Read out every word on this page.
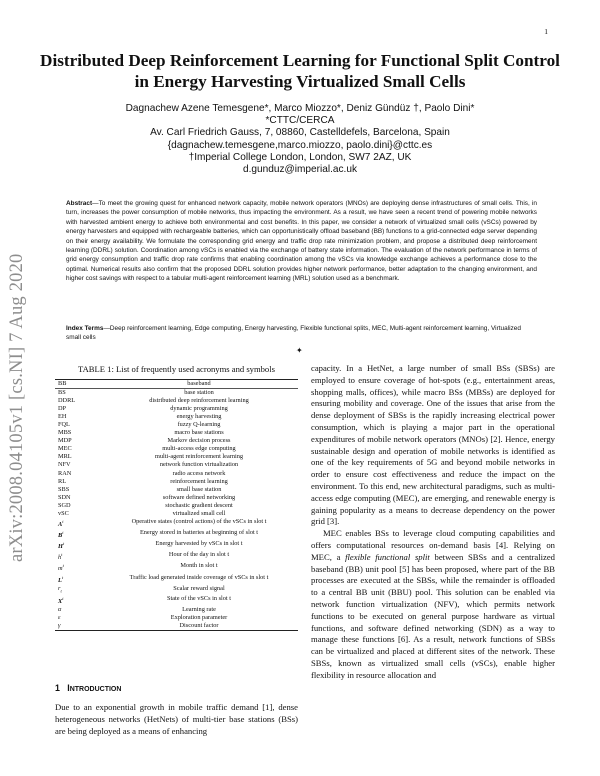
1
arXiv:2008.04105v1 [cs.NI] 7 Aug 2020
Distributed Deep Reinforcement Learning for Functional Split Control in Energy Harvesting Virtualized Small Cells
Dagnachew Azene Temesgene*, Marco Miozzo*, Deniz Gündüz †, Paolo Dini*
*CTTC/CERCA
Av. Carl Friedrich Gauss, 7, 08860, Castelldefels, Barcelona, Spain
{dagnachew.temesgene,marco.miozzo, paolo.dini}@cttc.es
†Imperial College London, London, SW7 2AZ, UK
d.gunduz@imperial.ac.uk
Abstract—To meet the growing quest for enhanced network capacity, mobile network operators (MNOs) are deploying dense infrastructures of small cells. This, in turn, increases the power consumption of mobile networks, thus impacting the environment. As a result, we have seen a recent trend of powering mobile networks with harvested ambient energy to achieve both environmental and cost benefits. In this paper, we consider a network of virtualized small cells (vSCs) powered by energy harvesters and equipped with rechargeable batteries, which can opportunistically offload baseband (BB) functions to a grid-connected edge server depending on their energy availability. We formulate the corresponding grid energy and traffic drop rate minimization problem, and propose a distributed deep reinforcement learning (DDRL) solution. Coordination among vSCs is enabled via the exchange of battery state information. The evaluation of the network performance in terms of grid energy consumption and traffic drop rate confirms that enabling coordination among the vSCs via knowledge exchange achieves a performance close to the optimal. Numerical results also confirm that the proposed DDRL solution provides higher network performance, better adaptation to the changing environment, and higher cost savings with respect to a tabular multi-agent reinforcement learning (MRL) solution used as a benchmark.
Index Terms—Deep reinforcement learning, Edge computing, Energy harvesting, Flexible functional splits, MEC, Multi-agent reinforcement learning, Virtualized small cells
✦
TABLE 1: List of frequently used acronyms and symbols
BB	baseband
BS	base station
DDRL	distributed deep reinforcement learning
DP	dynamic programming
EH	energy harvesting
FQL	fuzzy Q-learning
MBS	macro base stations
MDP	Markov decision process
MEC	multi-access edge computing
MRL	multi-agent reinforcement learning
NFV	network function virtualization
RAN	radio access network
RL	reinforcement learning
SBS	small base station
SDN	software defined networking
SGD	stochastic gradient descent
vSC	virtualized small cell
$A^t$	Operative states (control actions) of the vSCs in slot t
$B^t$	Energy stored in batteries at beginning of slot t
$H^t$	Energy harvested by vSCs in slot t
$h^t$	Hour of the day in slot t
$m^t$	Month in slot t
$L^t$	Traffic load generated inside coverage of vSCs in slot t
$r_t$	Scalar reward signal
$X^t$	State of the vSCs in slot t
α	Learning rate
ε	Exploration parameter
γ	Discount factor
1 INTRODUCTION
Due to an exponential growth in mobile traffic demand [1], dense heterogeneous networks (HetNets) of multi-tier base stations (BSs) are being deployed as a means of enhancing

capacity. In a HetNet, a large number of small BSs (SBSs) are employed to ensure coverage of hot-spots (e.g., entertainment areas, shopping malls, offices), while macro BSs (MBSs) are deployed for ensuring mobility and coverage. One of the issues that arise from the dense deployment of SBSs is the rapidly increasing electrical power consumption, which is playing a major part in the operational expenditures of mobile network operators (MNOs) [2]. Hence, energy sustainable design and operation of mobile networks is identified as one of the key requirements of 5G and beyond mobile networks in order to ensure cost effectiveness and reduce the impact on the environment. To this end, new architectural paradigms, such as multi-access edge computing (MEC), are emerging, and renewable energy is gaining popularity as a means to decrease dependency on the power grid [3].

MEC enables BSs to leverage cloud computing capabilities and offers computational resources on-demand basis [4]. Relying on MEC, a flexible functional split between SBSs and a centralized baseband (BB) unit pool [5] has been proposed, where part of the BB processes are executed at the SBSs, while the remainder is offloaded to a central BB unit (BBU) pool. This solution can be enabled via network function virtualization (NFV), which permits network functions to be executed on general purpose hardware as virtual functions, and software defined networking (SDN) as a way to manage these functions [6]. As a result, network functions of SBSs can be virtualized and placed at different sites of the network. These SBSs, known as virtualized small cells (vSCs), enable higher flexibility in resource allocation and
